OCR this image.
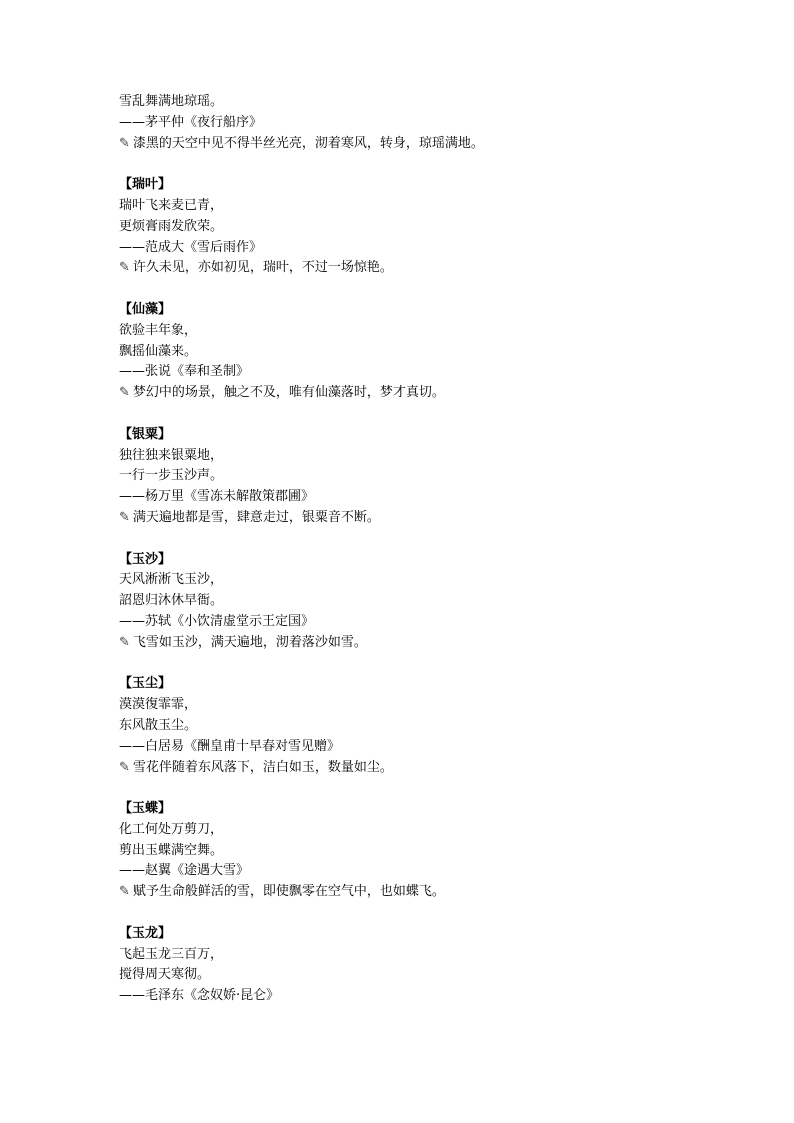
雪乱舞满地琼瑶。
——茅平仲《夜行船序》
✎ 漆黑的天空中见不得半丝光亮，沏着寒风，转身，琼瑶满地。
【瑞叶】
瑞叶飞来麦已青，
更烦膏雨发欣荣。
——范成大《雪后雨作》
✎ 许久未见，亦如初见，瑞叶，不过一场惊艳。
【仙藻】
欲验丰年象，
飘摇仙藻来。
——张说《奉和圣制》
✎ 梦幻中的场景，触之不及，唯有仙藻落时，梦才真切。
【银粟】
独往独来银粟地，
一行一步玉沙声。
——杨万里《雪冻未解散策郡圃》
✎ 满天遍地都是雪，肆意走过，银粟音不断。
【玉沙】
天风淅淅飞玉沙，
詔恩归沐休早衙。
——苏轼《小饮清虚堂示王定国》
✎ 飞雪如玉沙，满天遍地，沏着落沙如雪。
【玉尘】
漠漠復霏霏，
东风散玉尘。
——白居易《酬皇甫十早春对雪见赠》
✎ 雪花伴随着东风落下，洁白如玉，数量如尘。
【玉蝶】
化工何处万剪刀，
剪出玉蝶满空舞。
——赵翼《途遇大雪》
✎ 赋予生命般鲜活的雪，即使飘零在空气中，也如蝶飞。
【玉龙】
飞起玉龙三百万，
搅得周天寒彻。
——毛泽东《念奴娇·昆仑》
